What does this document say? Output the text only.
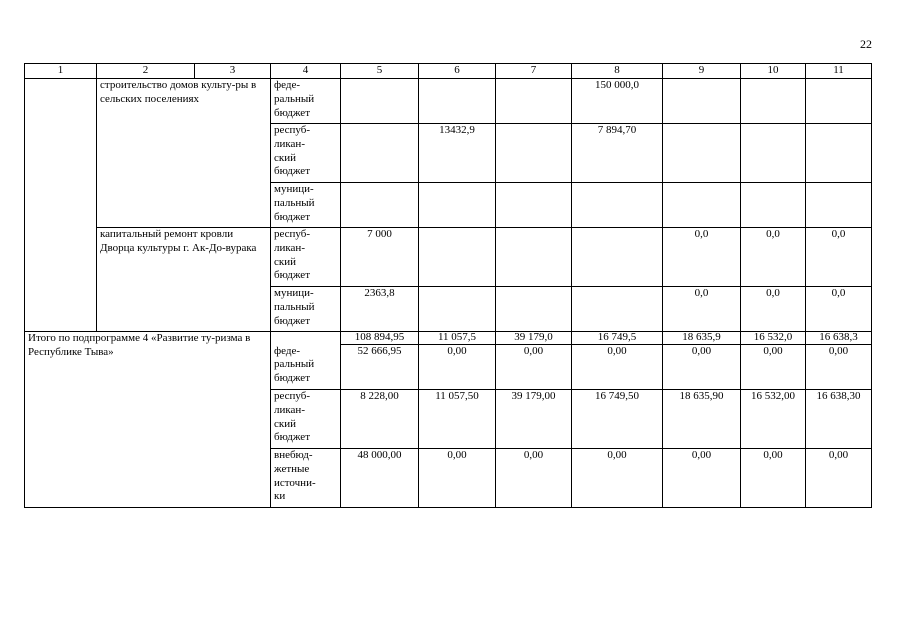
22
1	2	3	4	5	6	7	8	9	10	11
	строительство домов культу-ры в сельских поселениях		феде-
ральный
бюджет				150 000,0			
			респуб-
ликан-
ский
бюджет		13432,9		7 894,70			
			муници-
пальный
бюджет							
	капитальный ремонт кровли Дворца культуры г. Ак-До-вурака		респуб-
ликан-
ский
бюджет	7 000				0,0	0,0	0,0
			муници-
пальный
бюджет	2363,8				0,0	0,0	0,0
Итого по подпрограмме 4 «Развитие ту-ризма в Республике Тыва»				108 894,95	11 057,5	39 179,0	16 749,5	18 635,9	16 532,0	16 638,3
			феде-
ральный
бюджет	52 666,95	0,00	0,00	0,00	0,00	0,00	0,00
			респуб-
ликан-
ский
бюджет	8 228,00	11 057,50	39 179,00	16 749,50	18 635,90	16 532,00	16 638,30
			внебюд-
жетные
источни-
ки	48 000,00	0,00	0,00	0,00	0,00	0,00	0,00
